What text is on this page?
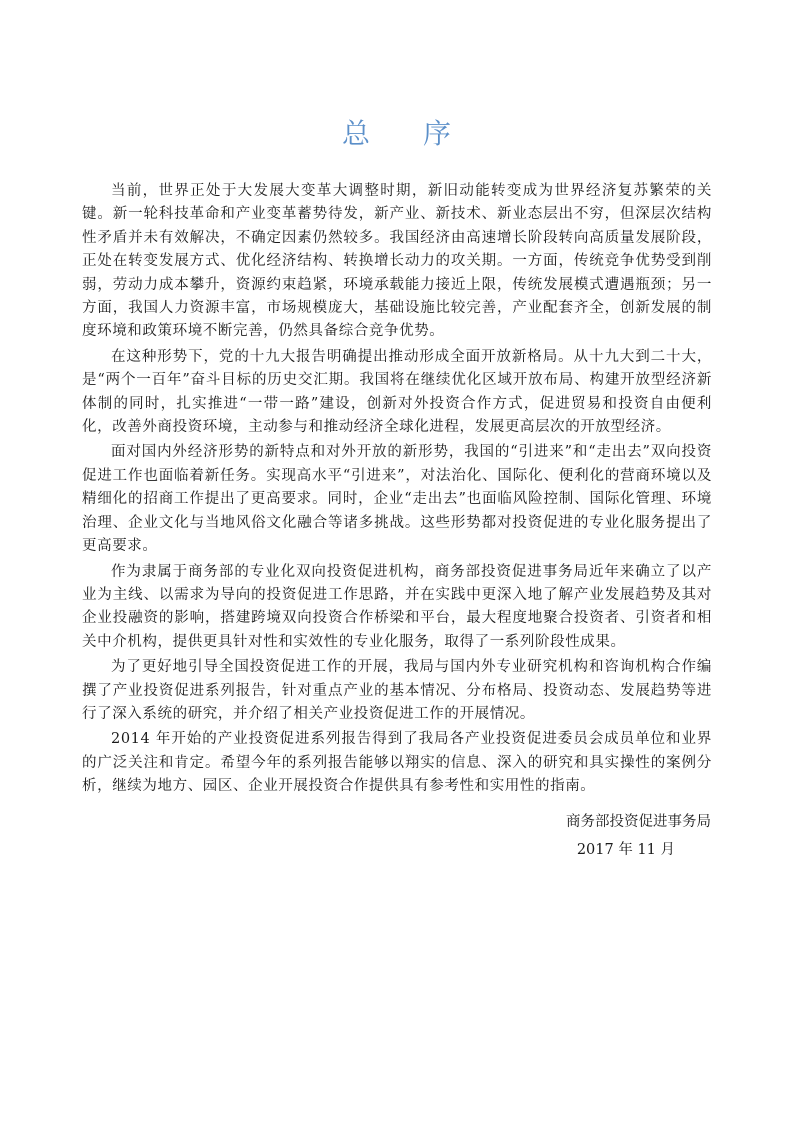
总 序

当前，世界正处于大发展大变革大调整时期，新旧动能转变成为世界经济复苏繁荣的关键。新一轮科技革命和产业变革蓄势待发，新产业、新技术、新业态层出不穷，但深层次结构性矛盾并未有效解决，不确定因素仍然较多。我国经济由高速增长阶段转向高质量发展阶段，正处在转变发展方式、优化经济结构、转换增长动力的攻关期。一方面，传统竞争优势受到削弱，劳动力成本攀升，资源约束趋紧，环境承载能力接近上限，传统发展模式遭遇瓶颈；另一方面，我国人力资源丰富，市场规模庞大，基础设施比较完善，产业配套齐全，创新发展的制度环境和政策环境不断完善，仍然具备综合竞争优势。

在这种形势下，党的十九大报告明确提出推动形成全面开放新格局。从十九大到二十大，是“两个一百年”奋斗目标的历史交汇期。我国将在继续优化区域开放布局、构建开放型经济新体制的同时，扎实推进“一带一路”建设，创新对外投资合作方式，促进贸易和投资自由便利化，改善外商投资环境，主动参与和推动经济全球化进程，发展更高层次的开放型经济。

面对国内外经济形势的新特点和对外开放的新形势，我国的“引进来”和“走出去”双向投资促进工作也面临着新任务。实现高水平“引进来”，对法治化、国际化、便利化的营商环境以及精细化的招商工作提出了更高要求。同时，企业“走出去”也面临风险控制、国际化管理、环境治理、企业文化与当地风俗文化融合等诸多挑战。这些形势都对投资促进的专业化服务提出了更高要求。

作为隶属于商务部的专业化双向投资促进机构，商务部投资促进事务局近年来确立了以产业为主线、以需求为导向的投资促进工作思路，并在实践中更深入地了解产业发展趋势及其对企业投融资的影响，搭建跨境双向投资合作桥梁和平台，最大程度地聚合投资者、引资者和相关中介机构，提供更具针对性和实效性的专业化服务，取得了一系列阶段性成果。

为了更好地引导全国投资促进工作的开展，我局与国内外专业研究机构和咨询机构合作编撰了产业投资促进系列报告，针对重点产业的基本情况、分布格局、投资动态、发展趋势等进行了深入系统的研究，并介绍了相关产业投资促进工作的开展情况。

2014 年开始的产业投资促进系列报告得到了我局各产业投资促进委员会成员单位和业界的广泛关注和肯定。希望今年的系列报告能够以翔实的信息、深入的研究和具实操性的案例分析，继续为地方、园区、企业开展投资合作提供具有参考性和实用性的指南。

商务部投资促进事务局
2017 年 11 月
